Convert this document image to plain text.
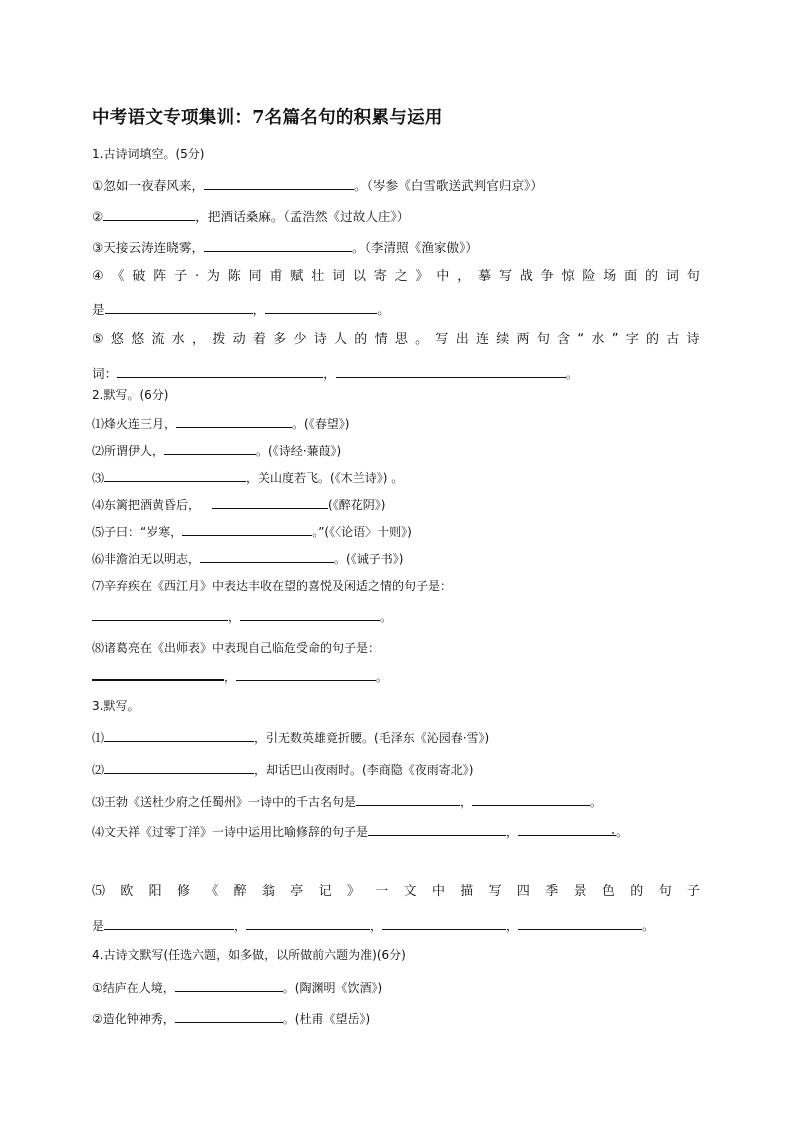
中考语文专项集训：7名篇名句的积累与运用
1.古诗词填空。(5分)
①忽如一夜春风来，	。（岑参《白雪歌送武判官归京》）
②	，把酒话桑麻。（孟浩然《过故人庄》）
③天接云涛连晓雾，	。（李清照《渔家傲》）
④ 《 破 阵 子 · 为 陈 同 甫 赋 壮 词 以 寄 之 》 中 ， 摹 写 战 争 惊 险 场 面 的 词 句
是	，	。
⑤ 悠 悠 流 水 ， 拨 动 着 多 少 诗 人 的 情 思 。 写 出 连 续 两 句 含 “ 水 ” 字 的 古 诗
词：	，	。
2.默写。(6分)
⑴烽火连三月，	。(《春望》)
⑵所谓伊人，	。(《诗经·蒹葭》)
⑶	，关山度若飞。(《木兰诗》) 。
⑷东篱把酒黄昏后，	(《醉花阴》)
⑸子曰：“岁寒，	。”(《〈论语〉十则》)
⑹非澹泊无以明志，	。(《诫子书》)
⑺辛弃疾在《西江月》中表达丰收在望的喜悦及闲适之情的句子是：
，	。
⑻诸葛亮在《出师表》中表现自己临危受命的句子是：
，	。
3.默写。
⑴	，引无数英雄竟折腰。(毛泽东《沁园春·雪》)
⑵	，却话巴山夜雨时。(李商隐《夜雨寄北》)
⑶王勃《送杜少府之任蜀州》一诗中的千古名句是	，	。
⑷文天祥《过零丁洋》一诗中运用比喻修辞的句子是	，	。
⑸ 欧 阳 修 《 醉 翁 亭 记 》 一 文 中 描 写 四 季 景 色 的 句 子
是	，	，	，	。
4.古诗文默写(任选六题，如多做，以所做前六题为准)(6分)
①结庐在人境，	。(陶渊明《饮酒》)
②造化钟神秀，	。(杜甫《望岳》)
